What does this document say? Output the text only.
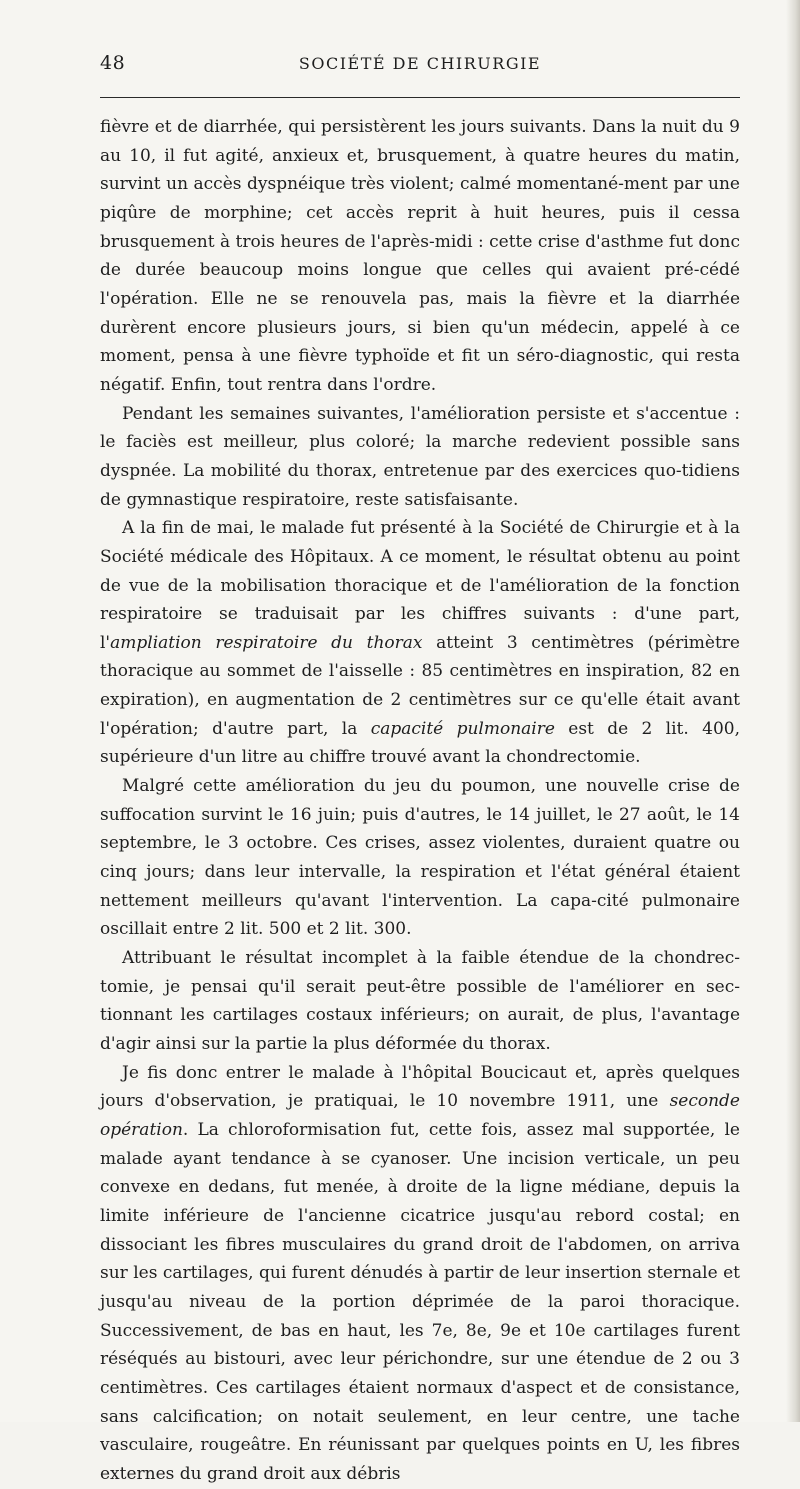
48	SOCIÉTÉ DE CHIRURGIE

fièvre et de diarrhée, qui persistèrent les jours suivants. Dans la nuit du 9 au 10, il fut agité, anxieux et, brusquement, à quatre heures du matin, survint un accès dyspnéique très violent; calmé momentané-ment par une piqûre de morphine; cet accès reprit à huit heures, puis il cessa brusquement à trois heures de l'après-midi : cette crise d'asthme fut donc de durée beaucoup moins longue que celles qui avaient pré-cédé l'opération. Elle ne se renouvela pas, mais la fièvre et la diarrhée durèrent encore plusieurs jours, si bien qu'un médecin, appelé à ce moment, pensa à une fièvre typhoïde et fit un séro-diagnostic, qui resta négatif. Enfin, tout rentra dans l'ordre.

Pendant les semaines suivantes, l'amélioration persiste et s'accentue : le faciès est meilleur, plus coloré; la marche redevient possible sans dyspnée. La mobilité du thorax, entretenue par des exercices quo-tidiens de gymnastique respiratoire, reste satisfaisante.

A la fin de mai, le malade fut présenté à la Société de Chirurgie et à la Société médicale des Hôpitaux. A ce moment, le résultat obtenu au point de vue de la mobilisation thoracique et de l'amélioration de la fonction respiratoire se traduisait par les chiffres suivants : d'une part, l'ampliation respiratoire du thorax atteint 3 centimètres (périmètre thoracique au sommet de l'aisselle : 85 centimètres en inspiration, 82 en expiration), en augmentation de 2 centimètres sur ce qu'elle était avant l'opération; d'autre part, la capacité pulmonaire est de 2 lit. 400, supérieure d'un litre au chiffre trouvé avant la chondrectomie.

Malgré cette amélioration du jeu du poumon, une nouvelle crise de suffocation survint le 16 juin; puis d'autres, le 14 juillet, le 27 août, le 14 septembre, le 3 octobre. Ces crises, assez violentes, duraient quatre ou cinq jours; dans leur intervalle, la respiration et l'état général étaient nettement meilleurs qu'avant l'intervention. La capa-cité pulmonaire oscillait entre 2 lit. 500 et 2 lit. 300.

Attribuant le résultat incomplet à la faible étendue de la chondrec-tomie, je pensai qu'il serait peut-être possible de l'améliorer en sec-tionnant les cartilages costaux inférieurs; on aurait, de plus, l'avantage d'agir ainsi sur la partie la plus déformée du thorax.

Je fis donc entrer le malade à l'hôpital Boucicaut et, après quelques jours d'observation, je pratiquai, le 10 novembre 1911, une seconde opération. La chloroformisation fut, cette fois, assez mal supportée, le malade ayant tendance à se cyanoser. Une incision verticale, un peu convexe en dedans, fut menée, à droite de la ligne médiane, depuis la limite inférieure de l'ancienne cicatrice jusqu'au rebord costal; en dissociant les fibres musculaires du grand droit de l'abdomen, on arriva sur les cartilages, qui furent dénudés à partir de leur insertion sternale et jusqu'au niveau de la portion déprimée de la paroi thoracique. Successivement, de bas en haut, les 7e, 8e, 9e et 10e cartilages furent réséqués au bistouri, avec leur périchondre, sur une étendue de 2 ou 3 centimètres. Ces cartilages étaient normaux d'aspect et de consistance, sans calcification; on notait seulement, en leur centre, une tache vasculaire, rougeâtre. En réunissant par quelques points en U, les fibres externes du grand droit aux débris
